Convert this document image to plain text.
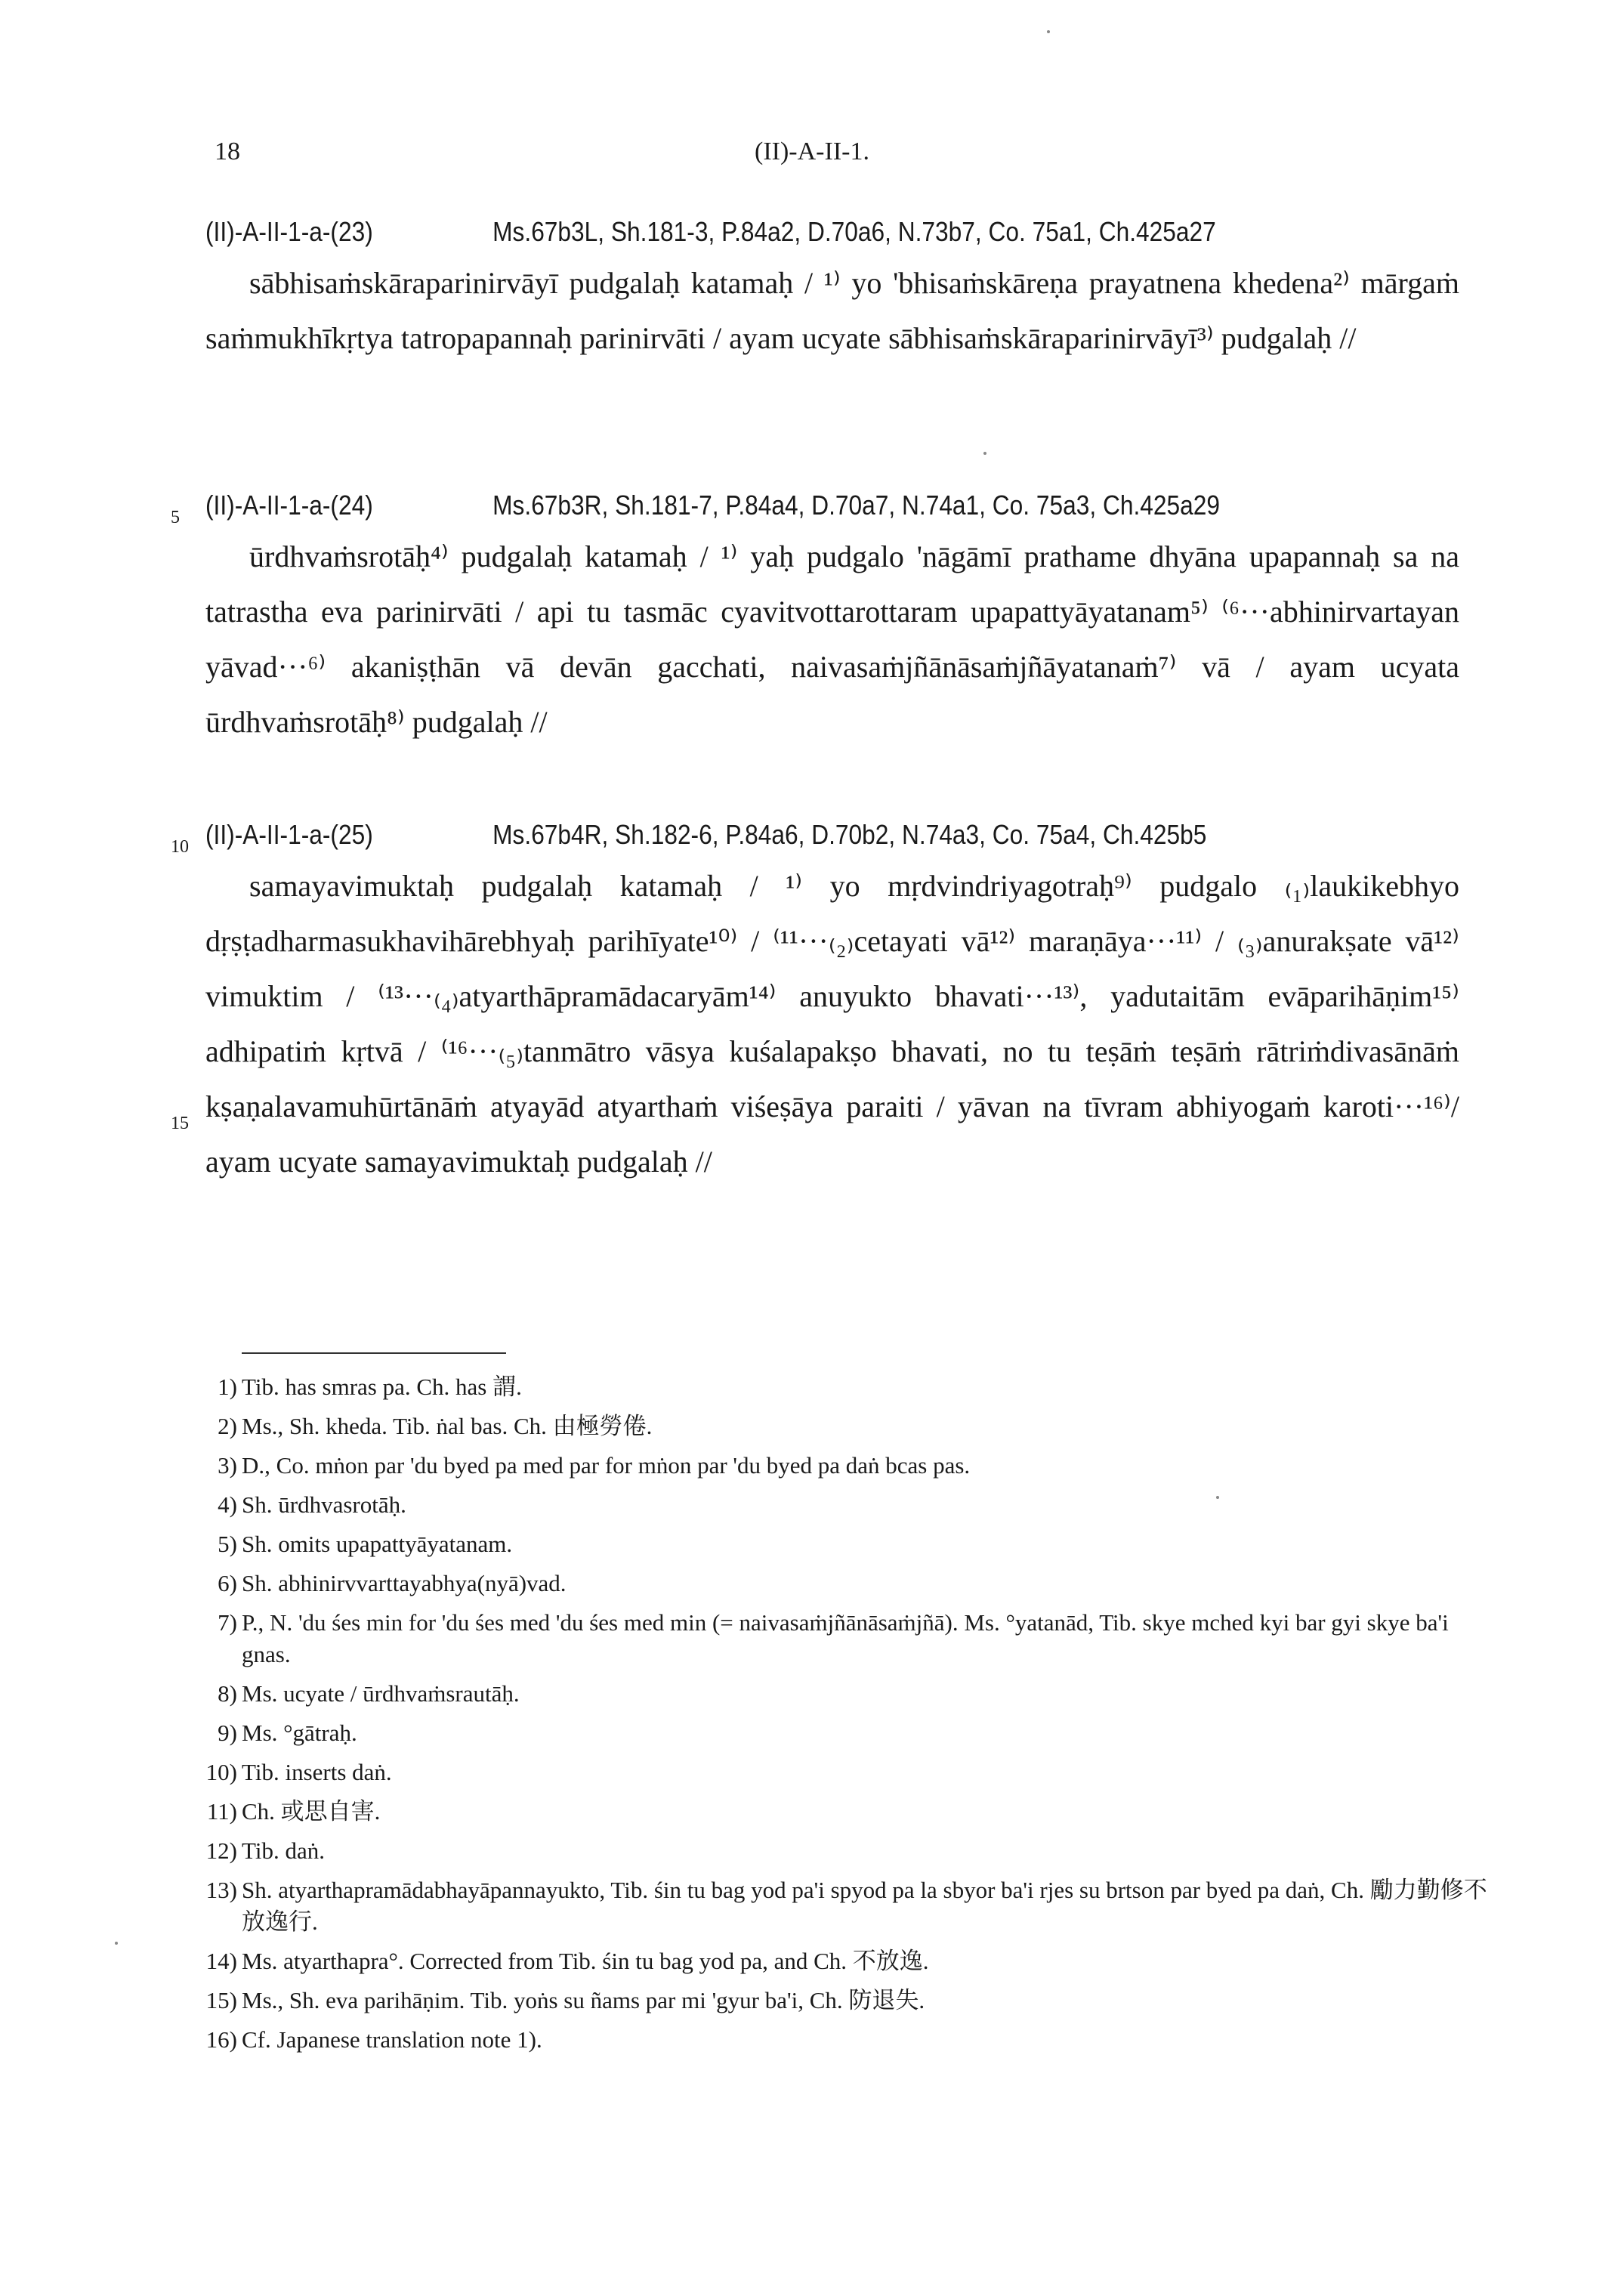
18	(II)-A-II-1.
(II)-A-II-1-a-(23)	Ms.67b3L, Sh.181-3, P.84a2, D.70a6, N.73b7, Co. 75a1, Ch.425a27
sābhisaṁskāraparinirvāyī pudgalaḥ katamaḥ / ¹⁾ yo 'bhisaṁskāreṇa prayatnena khedena²⁾ mārgaṁ saṁmukhīkṛtya tatropapannaḥ parinirvāti / ayam ucyate sābhisaṁskāraparinirvāyī³⁾ pudgalaḥ //
(II)-A-II-1-a-(24)	Ms.67b3R, Sh.181-7, P.84a4, D.70a7, N.74a1, Co. 75a3, Ch.425a29
ūrdhvaṁsrotāḥ⁴⁾ pudgalaḥ katamaḥ / ¹⁾ yaḥ pudgalo 'nāgāmī prathame dhyāna upapannaḥ sa na tatrastha eva parinirvāti / api tu tasmāc cyavitvottarottaram upapattyāyatanam⁵⁾ ⁽⁶···abhinirvartayan yāvad···⁶⁾ akaniṣṭhān vā devān gacchati, naivasaṁjñānāsaṁjñāyatanaṁ⁷⁾ vā / ayam ucyata ūrdhvaṁsrotāḥ⁸⁾ pudgalaḥ //
(II)-A-II-1-a-(25)	Ms.67b4R, Sh.182-6, P.84a6, D.70b2, N.74a3, Co. 75a4, Ch.425b5
samayavimuktaḥ pudgalaḥ katamaḥ / ¹⁾ yo mṛdvindriyagotraḥ⁹⁾ pudgalo ₍₁₎laukikebhyo dṛṣṭadharmasukhavihārebhyaḥ parihīyate¹⁰⁾ / ⁽¹¹···₍₂₎cetayati vā¹²⁾ maraṇāya···¹¹⁾ / ₍₃₎anurakṣate vā¹²⁾ vimuktim / ⁽¹³···₍₄₎atyarthāpramādacaryām¹⁴⁾ anuyukto bhavati···¹³⁾, yadutaitām evāparihāṇim¹⁵⁾ adhipatiṁ kṛtvā / ⁽¹⁶···₍₅₎tanmātro vāsya kuśalapakṣo bhavati, no tu teṣāṁ teṣāṁ rātriṁdivasānāṁ kṣaṇalavamuhūrtānāṁ atyayād atyarthaṁ viśeṣāya paraiti / yāvan na tīvram abhiyogaṁ karoti···¹⁶⁾/ ayam ucyate samayavimuktaḥ pudgalaḥ //
5
10
15
1) Tib. has smras pa. Ch. has 謂.
2) Ms., Sh. kheda. Tib. ṅal bas. Ch. 由極勞倦.
3) D., Co. mṅon par 'du byed pa med par for mṅon par 'du byed pa daṅ bcas pas.
4) Sh. ūrdhvasrotāḥ.
5) Sh. omits upapattyāyatanam.
6) Sh. abhinirvvarttayabhya(nyā)vad.
7) P., N. 'du śes min for 'du śes med 'du śes med min (= naivasaṁjñānāsaṁjñā). Ms. °yatanād, Tib. skye mched kyi bar gyi skye ba'i gnas.
8) Ms. ucyate / ūrdhvaṁsrautāḥ.
9) Ms. °gātraḥ.
10) Tib. inserts daṅ.
11) Ch. 或思自害.
12) Tib. daṅ.
13) Sh. atyarthapramādabhayāpannayukto, Tib. śin tu bag yod pa'i spyod pa la sbyor ba'i rjes su brtson par byed pa daṅ, Ch. 勵力勤修不放逸行.
14) Ms. atyarthapra°. Corrected from Tib. śin tu bag yod pa, and Ch. 不放逸.
15) Ms., Sh. eva parihāṇim. Tib. yoṅs su ñams par mi 'gyur ba'i, Ch. 防退失.
16) Cf. Japanese translation note 1).
